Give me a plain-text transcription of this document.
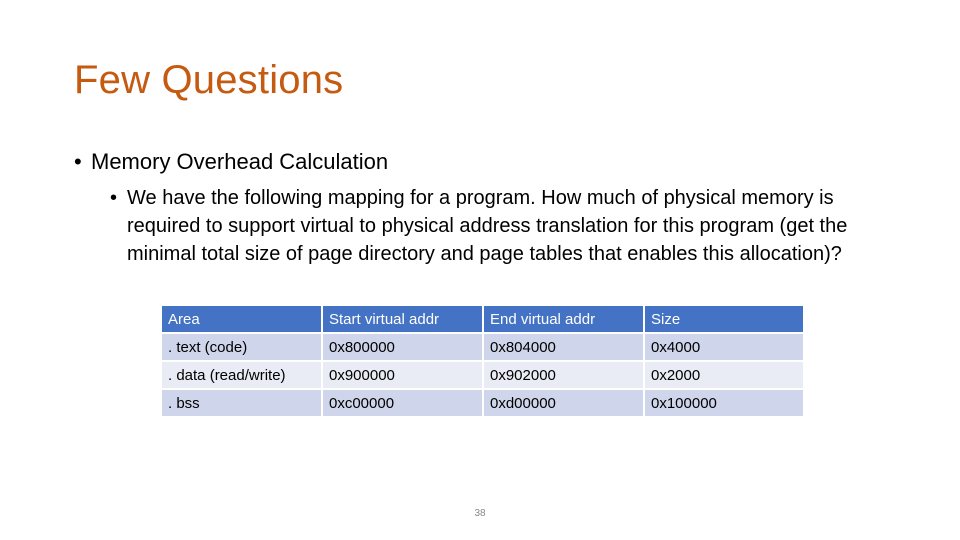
Few Questions
• Memory Overhead Calculation
• We have the following mapping for a program. How much of physical memory is required to support virtual to physical address translation for this program (get the minimal total size of page directory and page tables that enables this allocation)?
Area	Start virtual addr	End virtual addr	Size
. text (code)	0x800000	0x804000	0x4000
. data (read/write)	0x900000	0x902000	0x2000
. bss	0xc00000	0xd00000	0x100000
38
